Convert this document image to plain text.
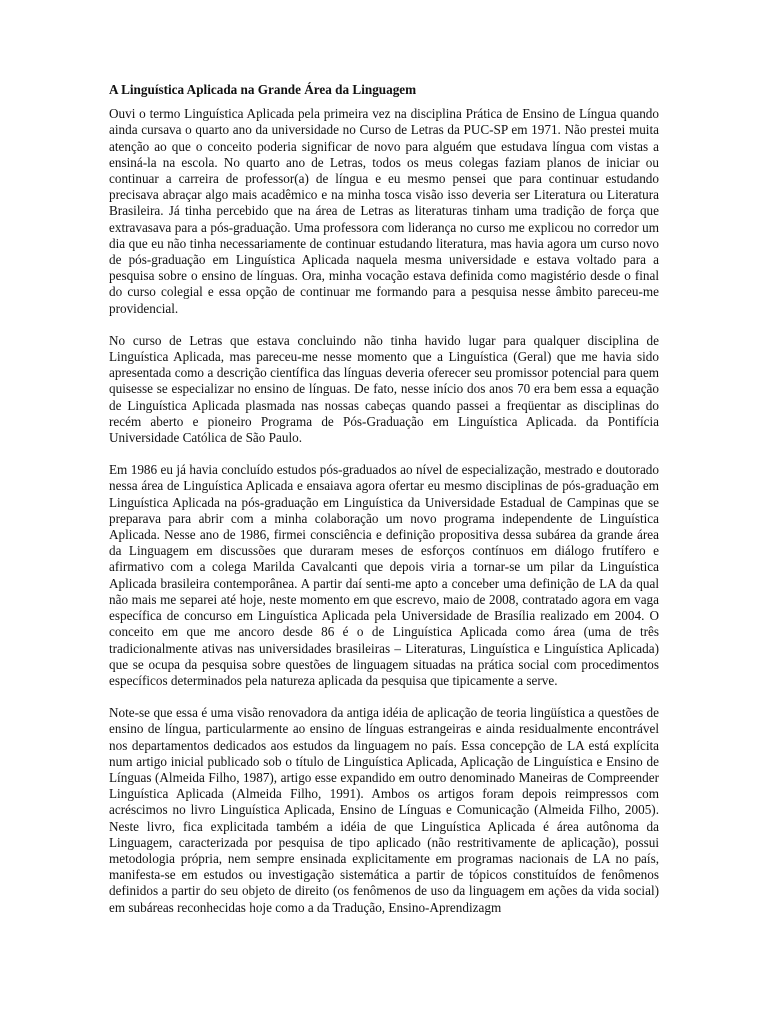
A Linguística Aplicada na Grande Área da Linguagem

Ouvi o termo Linguística Aplicada pela primeira vez na disciplina Prática de Ensino de Língua quando ainda cursava o quarto ano da universidade no Curso de Letras da PUC-SP em 1971. Não prestei muita atenção ao que o conceito poderia significar de novo para alguém que estudava língua com vistas a ensiná-la na escola. No quarto ano de Letras, todos os meus colegas faziam planos de iniciar ou continuar a carreira de professor(a) de língua e eu mesmo pensei que para continuar estudando precisava abraçar algo mais acadêmico e na minha tosca visão isso deveria ser Literatura ou Literatura Brasileira. Já tinha percebido que na área de Letras as literaturas tinham uma tradição de força que extravasava para a pós-graduação. Uma professora com liderança no curso me explicou no corredor um dia que eu não tinha necessariamente de continuar estudando literatura, mas havia agora um curso novo de pós-graduação em Linguística Aplicada naquela mesma universidade e estava voltado para a pesquisa sobre o ensino de línguas. Ora, minha vocação estava definida como magistério desde o final do curso colegial e essa opção de continuar me formando para a pesquisa nesse âmbito pareceu-me providencial.

No curso de Letras que estava concluindo não tinha havido lugar para qualquer disciplina de Linguística Aplicada, mas pareceu-me nesse momento que a Linguística (Geral) que me havia sido apresentada como a descrição científica das línguas deveria oferecer seu promissor potencial para quem quisesse se especializar no ensino de línguas. De fato, nesse início dos anos 70 era bem essa a equação de Linguística Aplicada plasmada nas nossas cabeças quando passei a freqüentar as disciplinas do recém aberto e pioneiro Programa de Pós-Graduação em Linguística Aplicada. da Pontifícia Universidade Católica de São Paulo.

Em 1986 eu já havia concluído estudos pós-graduados ao nível de especialização, mestrado e doutorado nessa área de Linguística Aplicada e ensaiava agora ofertar eu mesmo disciplinas de pós-graduação em Linguística Aplicada na pós-graduação em Linguística da Universidade Estadual de Campinas que se preparava para abrir com a minha colaboração um novo programa independente de Linguística Aplicada. Nesse ano de 1986, firmei consciência e definição propositiva dessa subárea da grande área da Linguagem em discussões que duraram meses de esforços contínuos em diálogo frutífero e afirmativo com a colega Marilda Cavalcanti que depois viria a tornar-se um pilar da Linguística Aplicada brasileira contemporânea. A partir daí senti-me apto a conceber uma definição de LA da qual não mais me separei até hoje, neste momento em que escrevo, maio de 2008, contratado agora em vaga específica de concurso em Linguística Aplicada pela Universidade de Brasília realizado em 2004. O conceito em que me ancoro desde 86 é o de Linguística Aplicada como área (uma de três tradicionalmente ativas nas universidades brasileiras – Literaturas, Linguística e Linguística Aplicada) que se ocupa da pesquisa sobre questões de linguagem situadas na prática social com procedimentos específicos determinados pela natureza aplicada da pesquisa que tipicamente a serve.

Note-se que essa é uma visão renovadora da antiga idéia de aplicação de teoria lingüística a questões de ensino de língua, particularmente ao ensino de línguas estrangeiras e ainda residualmente encontrável nos departamentos dedicados aos estudos da linguagem no país. Essa concepção de LA está explícita num artigo inicial publicado sob o título de Linguística Aplicada, Aplicação de Linguística e Ensino de Línguas (Almeida Filho, 1987), artigo esse expandido em outro denominado Maneiras de Compreender Linguística Aplicada (Almeida Filho, 1991). Ambos os artigos foram depois reimpressos com acréscimos no livro Linguística Aplicada, Ensino de Línguas e Comunicação (Almeida Filho, 2005). Neste livro, fica explicitada também a idéia de que Linguística Aplicada é área autônoma da Linguagem, caracterizada por pesquisa de tipo aplicado (não restritivamente de aplicação), possui metodologia própria, nem sempre ensinada explicitamente em programas nacionais de LA no país, manifesta-se em estudos ou investigação sistemática a partir de tópicos constituídos de fenômenos definidos a partir do seu objeto de direito (os fenômenos de uso da linguagem em ações da vida social) em subáreas reconhecidas hoje como a da Tradução, Ensino-Aprendizagm
